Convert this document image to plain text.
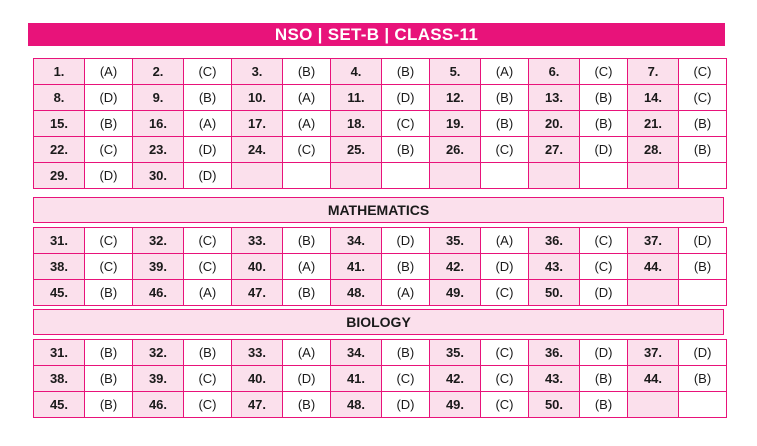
NSO | SET-B | CLASS-11
1.	(A)	2.	(C)	3.	(B)	4.	(B)	5.	(A)	6.	(C)	7.	(C)
8.	(D)	9.	(B)	10.	(A)	11.	(D)	12.	(B)	13.	(B)	14.	(C)
15.	(B)	16.	(A)	17.	(A)	18.	(C)	19.	(B)	20.	(B)	21.	(B)
22.	(C)	23.	(D)	24.	(C)	25.	(B)	26.	(C)	27.	(D)	28.	(B)
29.	(D)	30.	(D)										
MATHEMATICS
31.	(C)	32.	(C)	33.	(B)	34.	(D)	35.	(A)	36.	(C)	37.	(D)
38.	(C)	39.	(C)	40.	(A)	41.	(B)	42.	(D)	43.	(C)	44.	(B)
45.	(B)	46.	(A)	47.	(B)	48.	(A)	49.	(C)	50.	(D)		
BIOLOGY
31.	(B)	32.	(B)	33.	(A)	34.	(B)	35.	(C)	36.	(D)	37.	(D)
38.	(B)	39.	(C)	40.	(D)	41.	(C)	42.	(C)	43.	(B)	44.	(B)
45.	(B)	46.	(C)	47.	(B)	48.	(D)	49.	(C)	50.	(B)		
